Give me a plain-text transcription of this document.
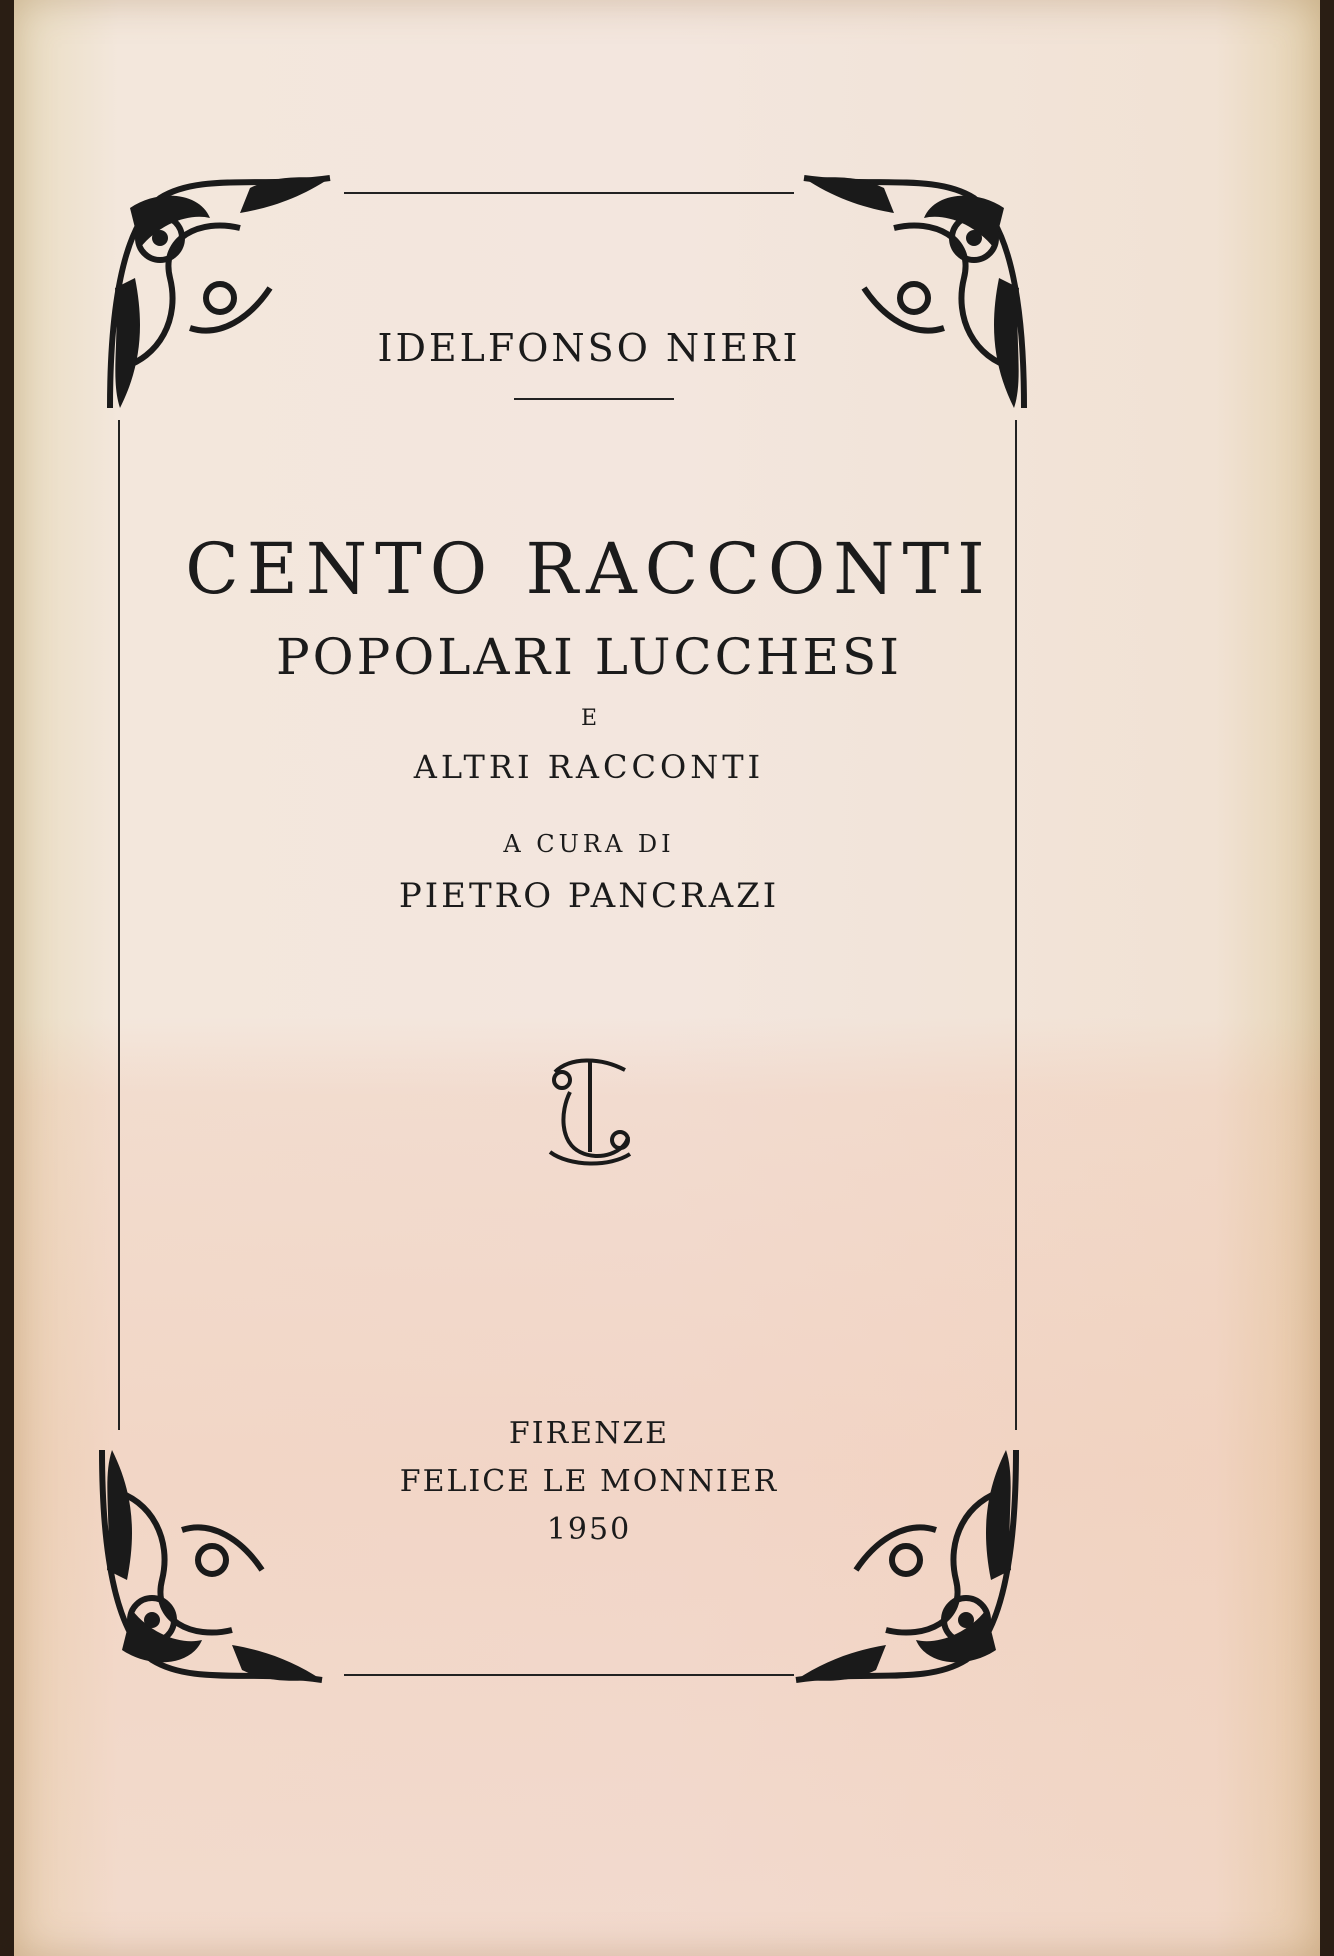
IDELFONSO NIERI
CENTO RACCONTI
POPOLARI LUCCHESI
E
ALTRI RACCONTI
A CURA DI
PIETRO PANCRAZI
FIRENZE
FELICE LE MONNIER
1950
